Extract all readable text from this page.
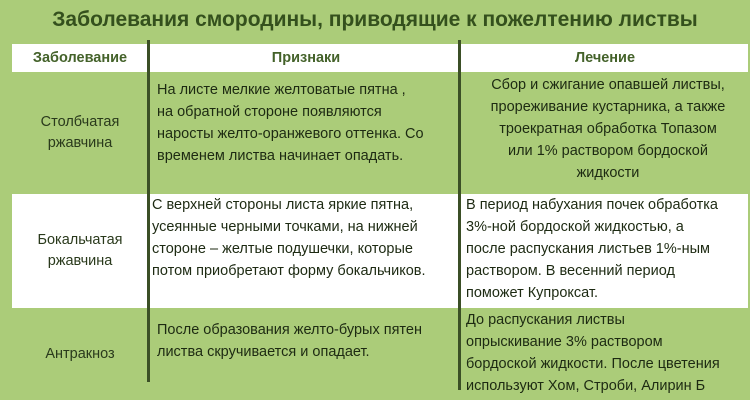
Заболевания смородины, приводящие к пожелтению листвы
Заболевание	Признаки	Лечение
Столбчатая
ржавчина
На листе мелкие желтоватые пятна ,
на обратной стороне появляются
наросты желто-оранжевого оттенка. Со
временем листва начинает опадать.
Сбор и сжигание опавшей листвы,
прореживание кустарника, а также
троекратная обработка Топазом
или 1% раствором бордоской
жидкости
Бокальчатая
ржавчина
С верхней стороны листа яркие пятна,
усеянные черными точками, на нижней
стороне – желтые подушечки, которые
потом приобретают форму бокальчиков.
В период набухания почек обработка
3%-ной бордоской жидкостью, а
после распускания листьев 1%-ным
раствором. В весенний период
поможет Купроксат.
Антракноз
После образования желто-бурых пятен
листва скручивается и опадает.
До распускания листвы
опрыскивание 3% раствором
бордоской жидкости. После цветения
используют Хом, Строби, Алирин Б
